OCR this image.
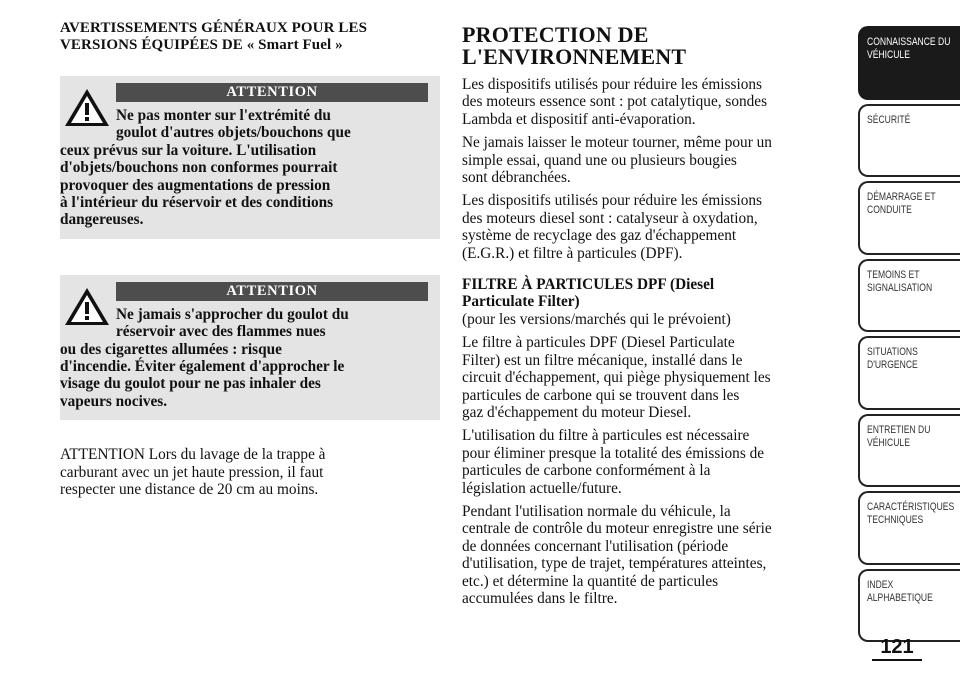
AVERTISSEMENTS GÉNÉRAUX POUR LES
VERSIONS ÉQUIPÉES DE « Smart Fuel »

ATTENTION
Ne pas monter sur l'extrémité du
goulot d'autres objets/bouchons que
ceux prévus sur la voiture. L'utilisation
d'objets/bouchons non conformes pourrait
provoquer des augmentations de pression
à l'intérieur du réservoir et des conditions
dangereuses.
ATTENTION
Ne jamais s'approcher du goulot du
réservoir avec des flammes nues
ou des cigarettes allumées : risque
d'incendie. Éviter également d'approcher le
visage du goulot pour ne pas inhaler des
vapeurs nocives.

ATTENTION Lors du lavage de la trappe à
carburant avec un jet haute pression, il faut
respecter une distance de 20 cm au moins.

PROTECTION DE
L'ENVIRONNEMENT

Les dispositifs utilisés pour réduire les émissions
des moteurs essence sont : pot catalytique, sondes
Lambda et dispositif anti-évaporation.

Ne jamais laisser le moteur tourner, même pour un
simple essai, quand une ou plusieurs bougies
sont débranchées.

Les dispositifs utilisés pour réduire les émissions
des moteurs diesel sont : catalyseur à oxydation,
système de recyclage des gaz d'échappement
(E.G.R.) et filtre à particules (DPF).

FILTRE À PARTICULES DPF (Diesel
Particulate Filter)

(pour les versions/marchés qui le prévoient)

Le filtre à particules DPF (Diesel Particulate
Filter) est un filtre mécanique, installé dans le
circuit d'échappement, qui piège physiquement les
particules de carbone qui se trouvent dans les
gaz d'échappement du moteur Diesel.

L'utilisation du filtre à particules est nécessaire
pour éliminer presque la totalité des émissions de
particules de carbone conformément à la
législation actuelle/future.

Pendant l'utilisation normale du véhicule, la
centrale de contrôle du moteur enregistre une série
de données concernant l'utilisation (période
d'utilisation, type de trajet, températures atteintes,
etc.) et détermine la quantité de particules
accumulées dans le filtre.

CONNAISSANCE DU
VÉHICULE
SÉCURITÉ

DÉMARRAGE ET
CONDUITE
TEMOINS ET
SIGNALISATION
SITUATIONS
D'URGENCE
ENTRETIEN DU
VÉHICULE
CARACTÉRISTIQUES
TECHNIQUES
INDEX
ALPHABETIQUE
121
